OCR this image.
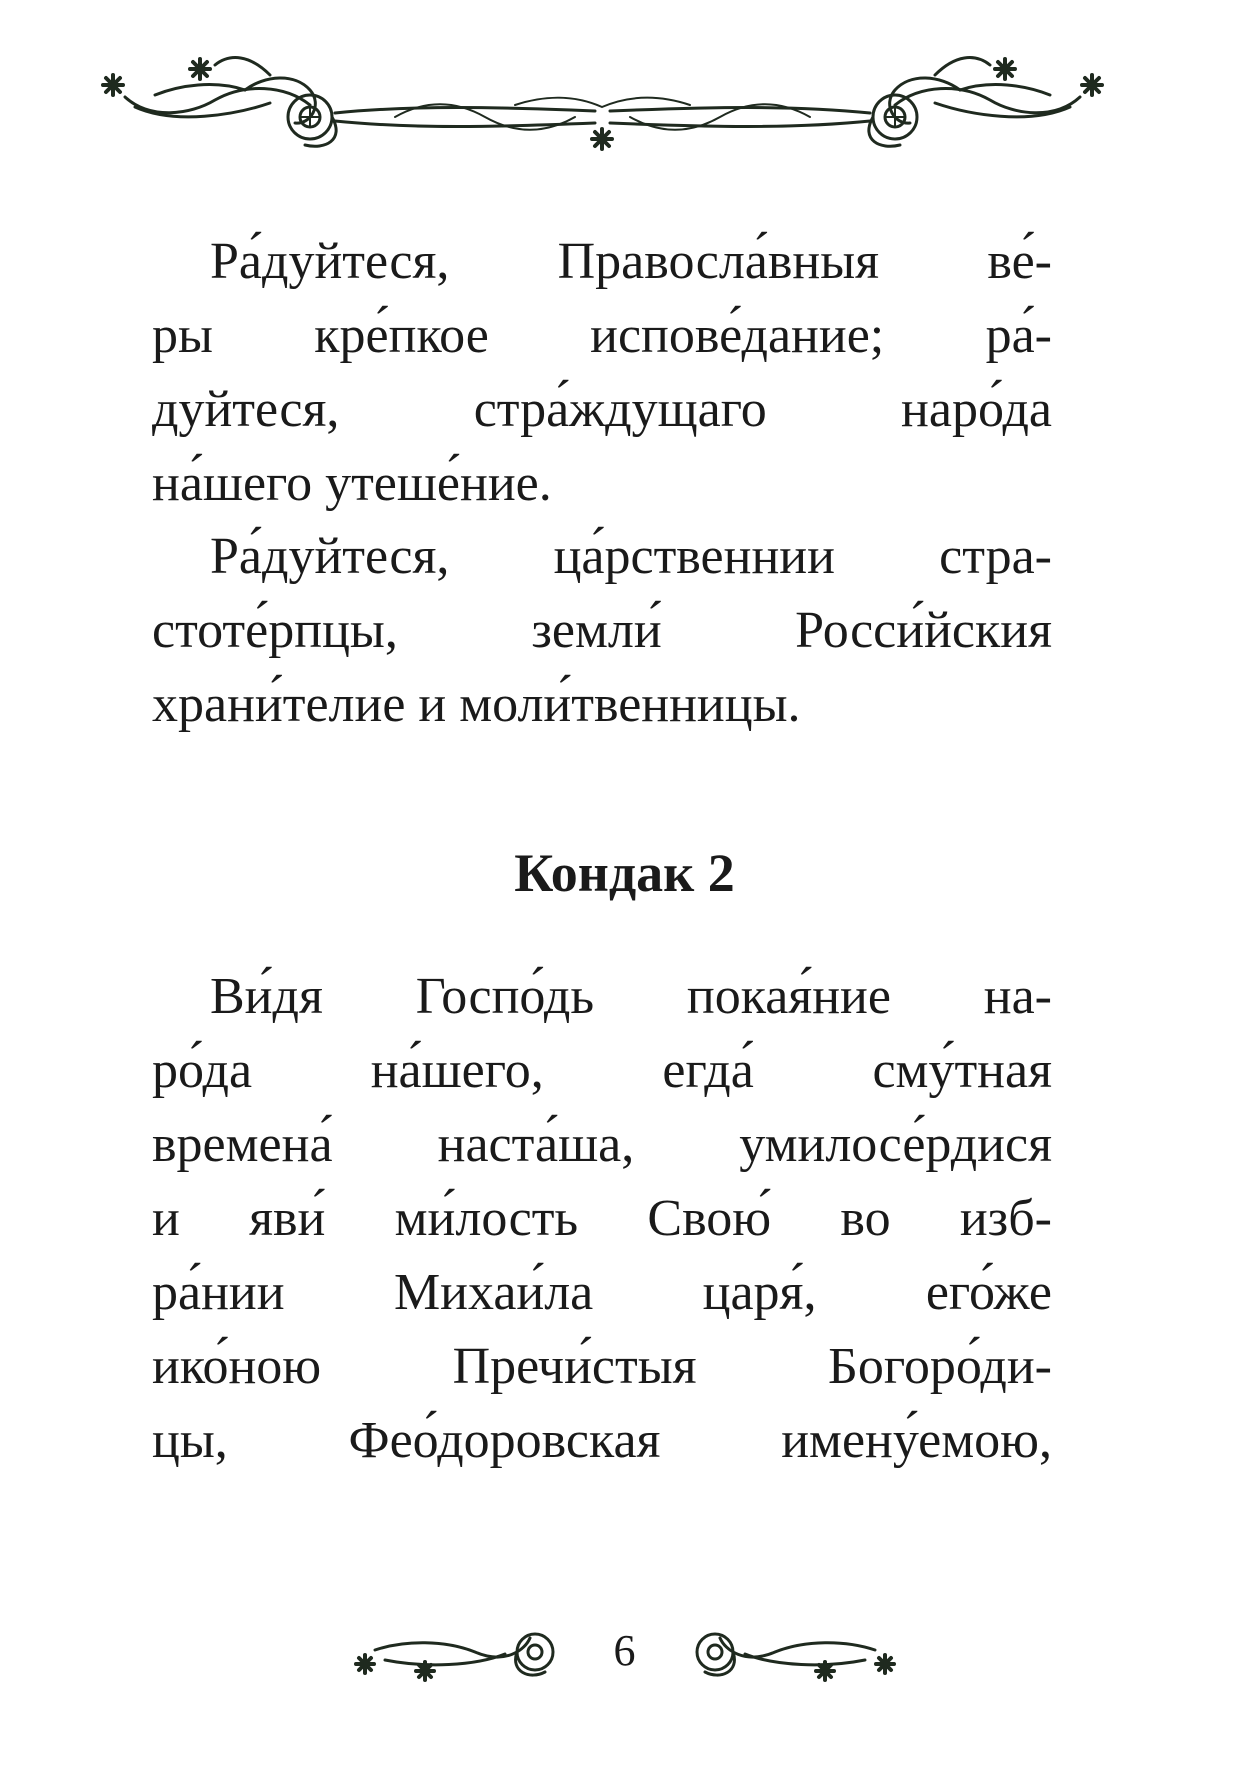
Ра́дуйтеся, Правосла́вныя ве́-
ры кре́пкое испове́дание; ра́-
дуйтеся, стра́ждущаго наро́да
на́шего утеше́ние.

Ра́дуйтеся, ца́рственнии стра-
стоте́рпцы, земли́ Росси́йския
храни́телие и моли́твенницы.

Кондак 2

Ви́дя Госпо́дь покая́ние на-
ро́да на́шего, егда́ сму́тная
времена́ наста́ша, умилосе́рдися
и яви́ ми́лость Свою́ во изб-
ра́нии Михаи́ла царя́, его́же
ико́ною Пречи́стыя Богоро́ди-
цы, Фео́доровская имену́емою,

6
